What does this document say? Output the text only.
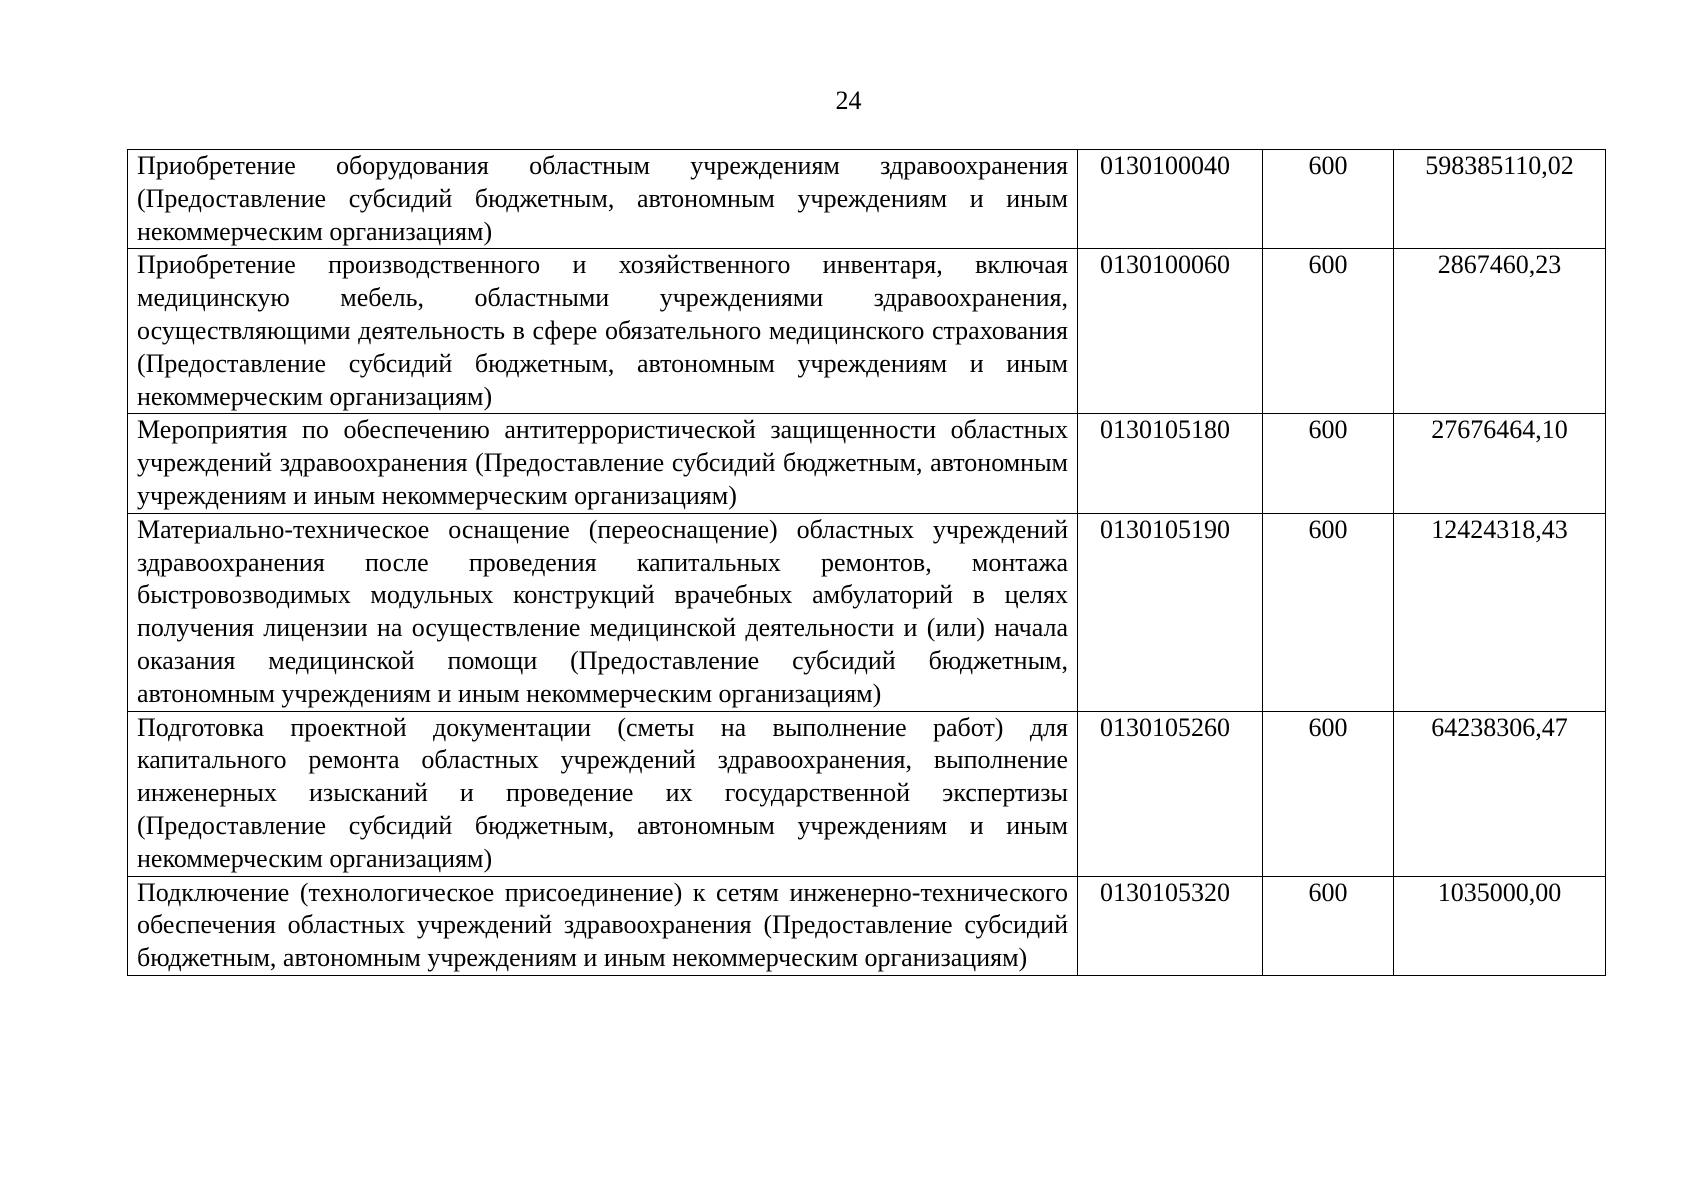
24
Приобретение оборудования областным учреждениям здравоохранения (Предоставление субсидий бюджетным, автономным учреждениям и иным некоммерческим организациям)	0130100040	600	598385110,02
Приобретение производственного и хозяйственного инвентаря, включая медицинскую мебель, областными учреждениями здравоохранения, осуществляющими деятельность в сфере обязательного медицинского страхования (Предоставление субсидий бюджетным, автономным учреждениям и иным некоммерческим организациям)	0130100060	600	2867460,23
Мероприятия по обеспечению антитеррористической защищенности областных учреждений здравоохранения (Предоставление субсидий бюджетным, автономным учреждениям и иным некоммерческим организациям)	0130105180	600	27676464,10
Материально-техническое оснащение (переоснащение) областных учреждений здравоохранения после проведения капитальных ремонтов, монтажа быстровозводимых модульных конструкций врачебных амбулаторий в целях получения лицензии на осуществление медицинской деятельности и (или) начала оказания медицинской помощи (Предоставление субсидий бюджетным, автономным учреждениям и иным некоммерческим организациям)	0130105190	600	12424318,43
Подготовка проектной документации (сметы на выполнение работ) для капитального ремонта областных учреждений здравоохранения, выполнение инженерных изысканий и проведение их государственной экспертизы (Предоставление субсидий бюджетным, автономным учреждениям и иным некоммерческим организациям)	0130105260	600	64238306,47
Подключение (технологическое присоединение) к сетям инженерно-технического обеспечения областных учреждений здравоохранения (Предоставление субсидий бюджетным, автономным учреждениям и иным некоммерческим организациям)	0130105320	600	1035000,00
